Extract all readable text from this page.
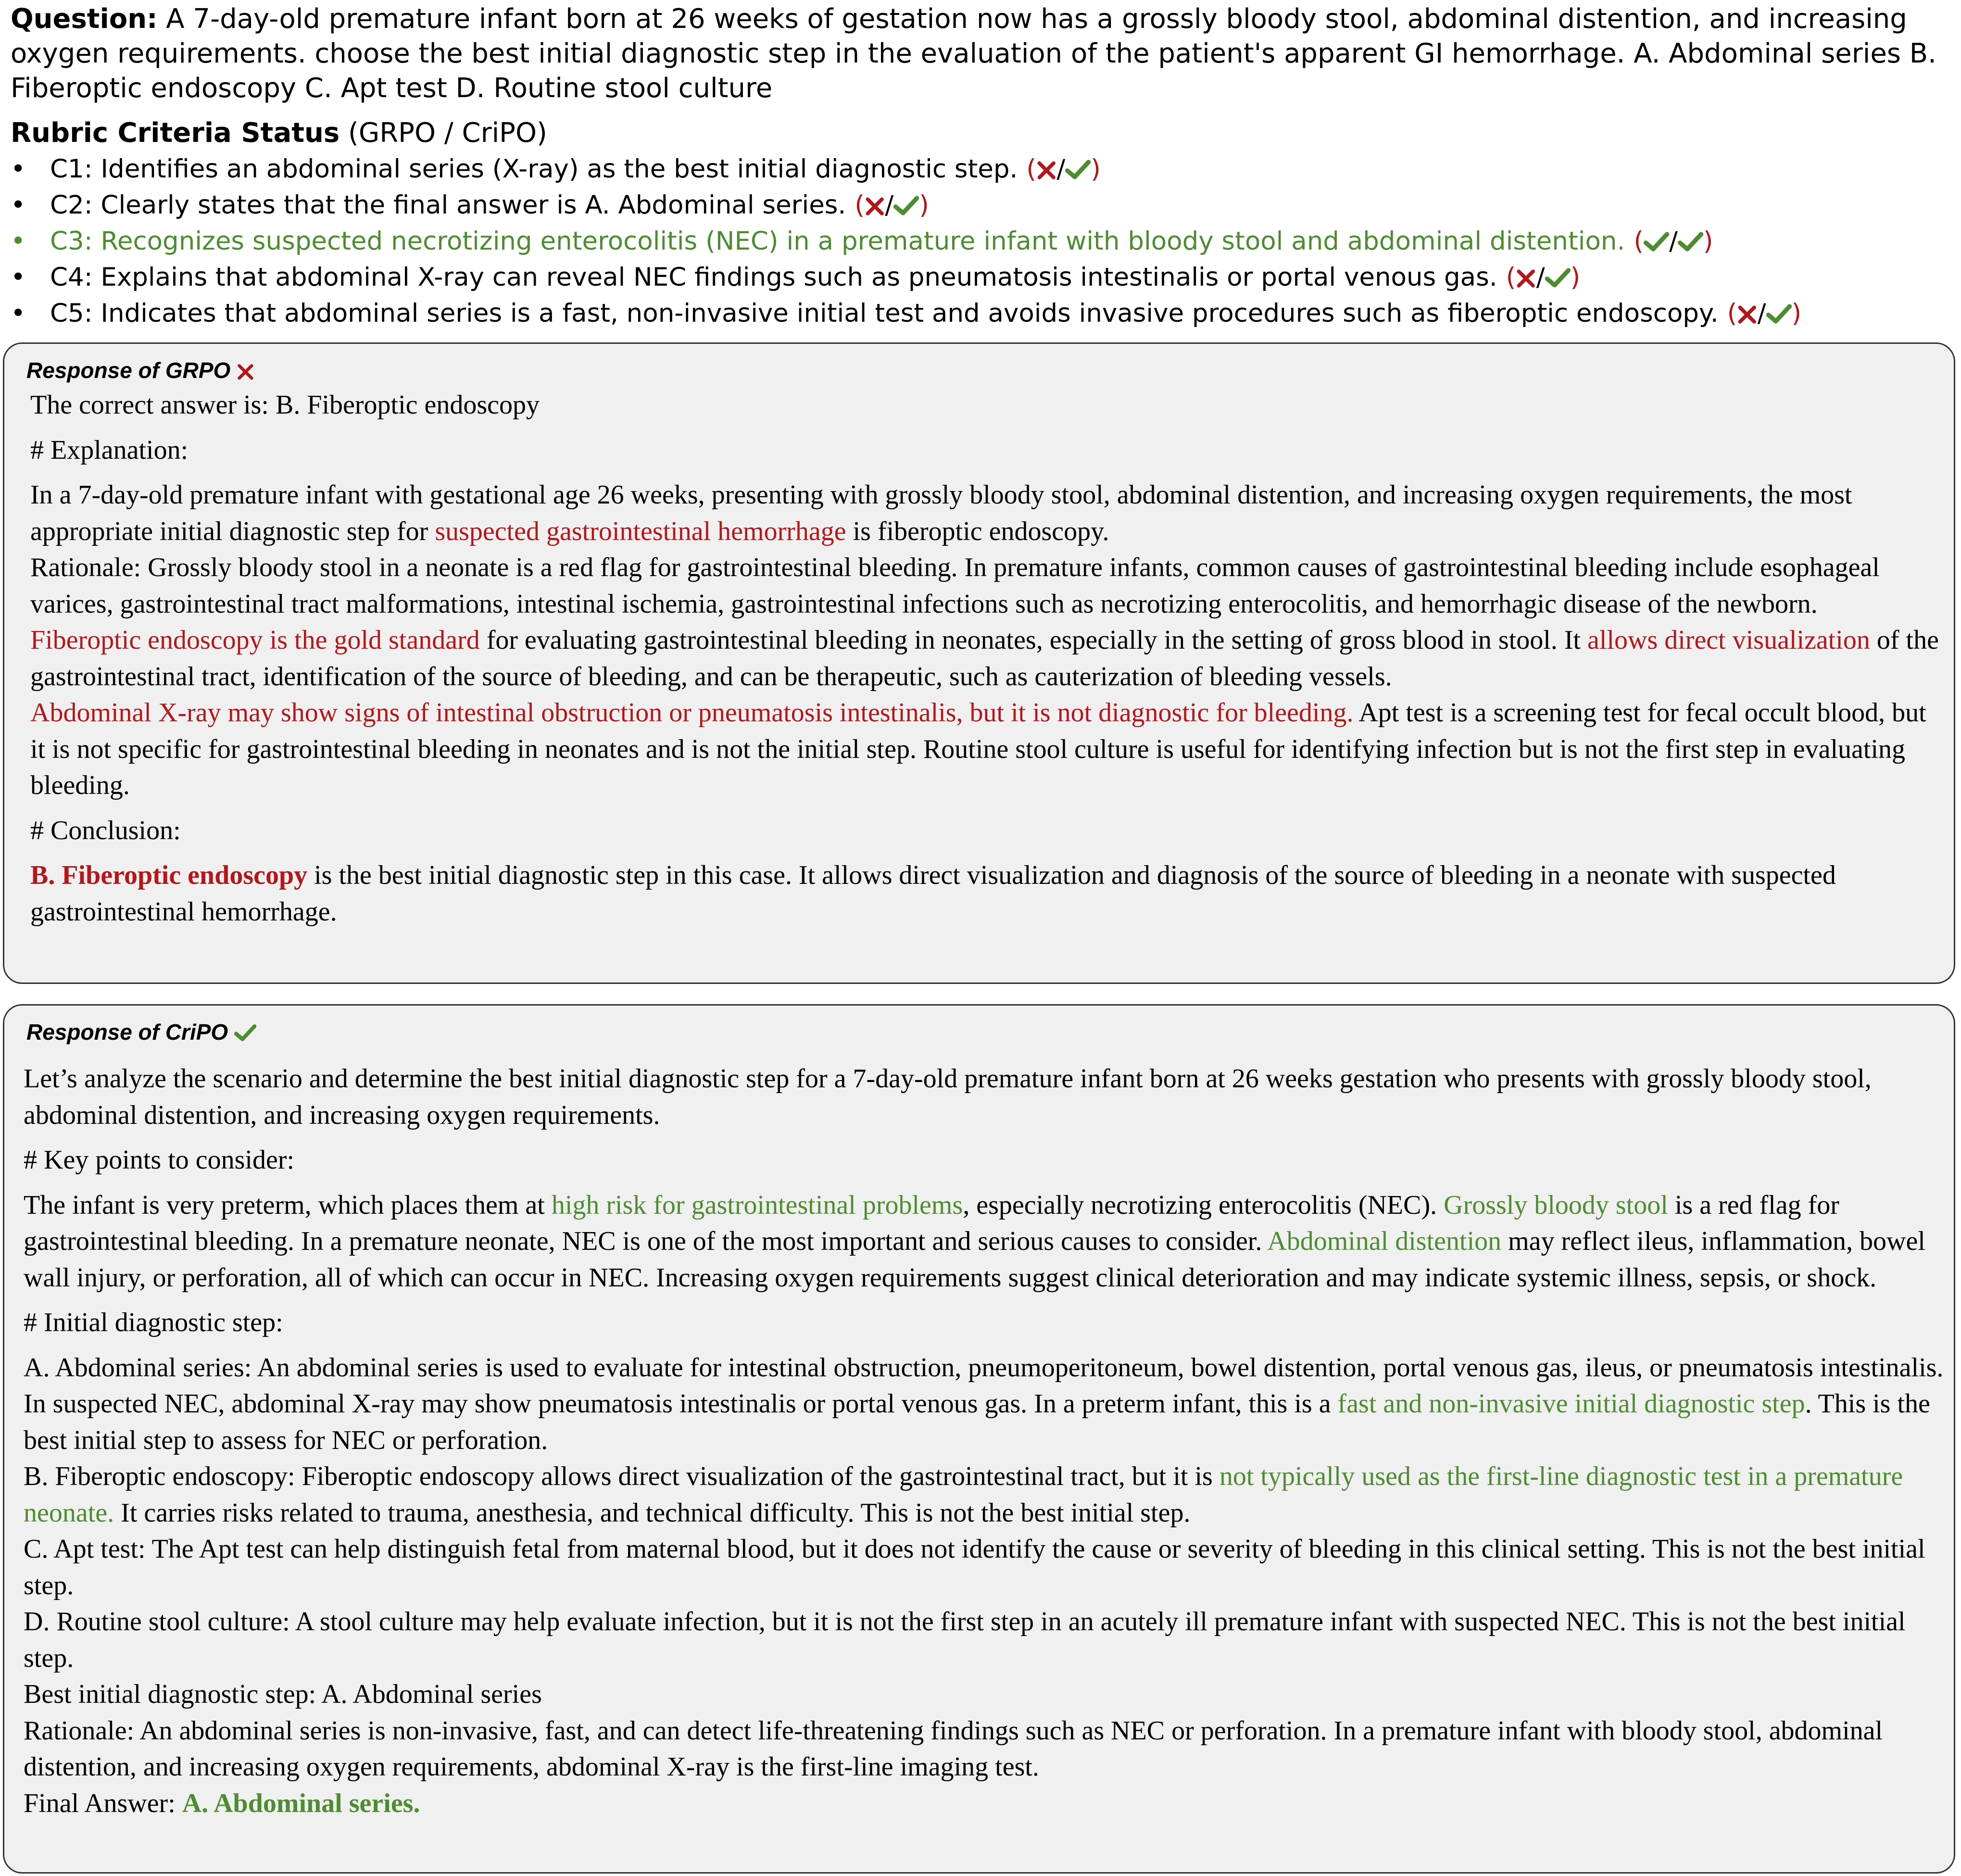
Question: A 7-day-old premature infant born at 26 weeks of gestation now has a grossly bloody stool, abdominal distention, and increasing oxygen requirements. choose the best initial diagnostic step in the evaluation of the patient's apparent GI hemorrhage. A. Abdominal series B. Fiberoptic endoscopy C. Apt test D. Routine stool culture

Rubric Criteria Status (GRPO / CriPO)

• C1: Identifies an abdominal series (X-ray) as the best initial diagnostic step. ( / )
• C2: Clearly states that the final answer is A. Abdominal series. ( / )
• C3: Recognizes suspected necrotizing enterocolitis (NEC) in a premature infant with bloody stool and abdominal distention. ( / )
• C4: Explains that abdominal X-ray can reveal NEC findings such as pneumatosis intestinalis or portal venous gas. ( / )
• C5: Indicates that abdominal series is a fast, non-invasive initial test and avoids invasive procedures such as fiberoptic endoscopy. ( / )
Response of GRPO

The correct answer is: B. Fiberoptic endoscopy

# Explanation:

In a 7-day-old premature infant with gestational age 26 weeks, presenting with grossly bloody stool, abdominal distention, and increasing oxygen requirements, the most appropriate initial diagnostic step for suspected gastrointestinal hemorrhage is fiberoptic endoscopy.

Rationale: Grossly bloody stool in a neonate is a red flag for gastrointestinal bleeding. In premature infants, common causes of gastrointestinal bleeding include esophageal varices, gastrointestinal tract malformations, intestinal ischemia, gastrointestinal infections such as necrotizing enterocolitis, and hemorrhagic disease of the newborn.

Fiberoptic endoscopy is the gold standard for evaluating gastrointestinal bleeding in neonates, especially in the setting of gross blood in stool. It allows direct visualization of the gastrointestinal tract, identification of the source of bleeding, and can be therapeutic, such as cauterization of bleeding vessels.

Abdominal X-ray may show signs of intestinal obstruction or pneumatosis intestinalis, but it is not diagnostic for bleeding. Apt test is a screening test for fecal occult blood, but it is not specific for gastrointestinal bleeding in neonates and is not the initial step. Routine stool culture is useful for identifying infection but is not the first step in evaluating bleeding.

# Conclusion:

B. Fiberoptic endoscopy is the best initial diagnostic step in this case. It allows direct visualization and diagnosis of the source of bleeding in a neonate with suspected gastrointestinal hemorrhage.

Response of CriPO

Let’s analyze the scenario and determine the best initial diagnostic step for a 7-day-old premature infant born at 26 weeks gestation who presents with grossly bloody stool, abdominal distention, and increasing oxygen requirements.

# Key points to consider:

The infant is very preterm, which places them at high risk for gastrointestinal problems, especially necrotizing enterocolitis (NEC). Grossly bloody stool is a red flag for gastrointestinal bleeding. In a premature neonate, NEC is one of the most important and serious causes to consider. Abdominal distention may reflect ileus, inflammation, bowel wall injury, or perforation, all of which can occur in NEC. Increasing oxygen requirements suggest clinical deterioration and may indicate systemic illness, sepsis, or shock.

# Initial diagnostic step:

A. Abdominal series: An abdominal series is used to evaluate for intestinal obstruction, pneumoperitoneum, bowel distention, portal venous gas, ileus, or pneumatosis intestinalis. In suspected NEC, abdominal X-ray may show pneumatosis intestinalis or portal venous gas. In a preterm infant, this is a fast and non-invasive initial diagnostic step. This is the best initial step to assess for NEC or perforation.

B. Fiberoptic endoscopy: Fiberoptic endoscopy allows direct visualization of the gastrointestinal tract, but it is not typically used as the first-line diagnostic test in a premature neonate. It carries risks related to trauma, anesthesia, and technical difficulty. This is not the best initial step.

C. Apt test: The Apt test can help distinguish fetal from maternal blood, but it does not identify the cause or severity of bleeding in this clinical setting. This is not the best initial step.

D. Routine stool culture: A stool culture may help evaluate infection, but it is not the first step in an acutely ill premature infant with suspected NEC. This is not the best initial step.

Best initial diagnostic step: A. Abdominal series

Rationale: An abdominal series is non-invasive, fast, and can detect life-threatening findings such as NEC or perforation. In a premature infant with bloody stool, abdominal distention, and increasing oxygen requirements, abdominal X-ray is the first-line imaging test.

Final Answer: A. Abdominal series.
